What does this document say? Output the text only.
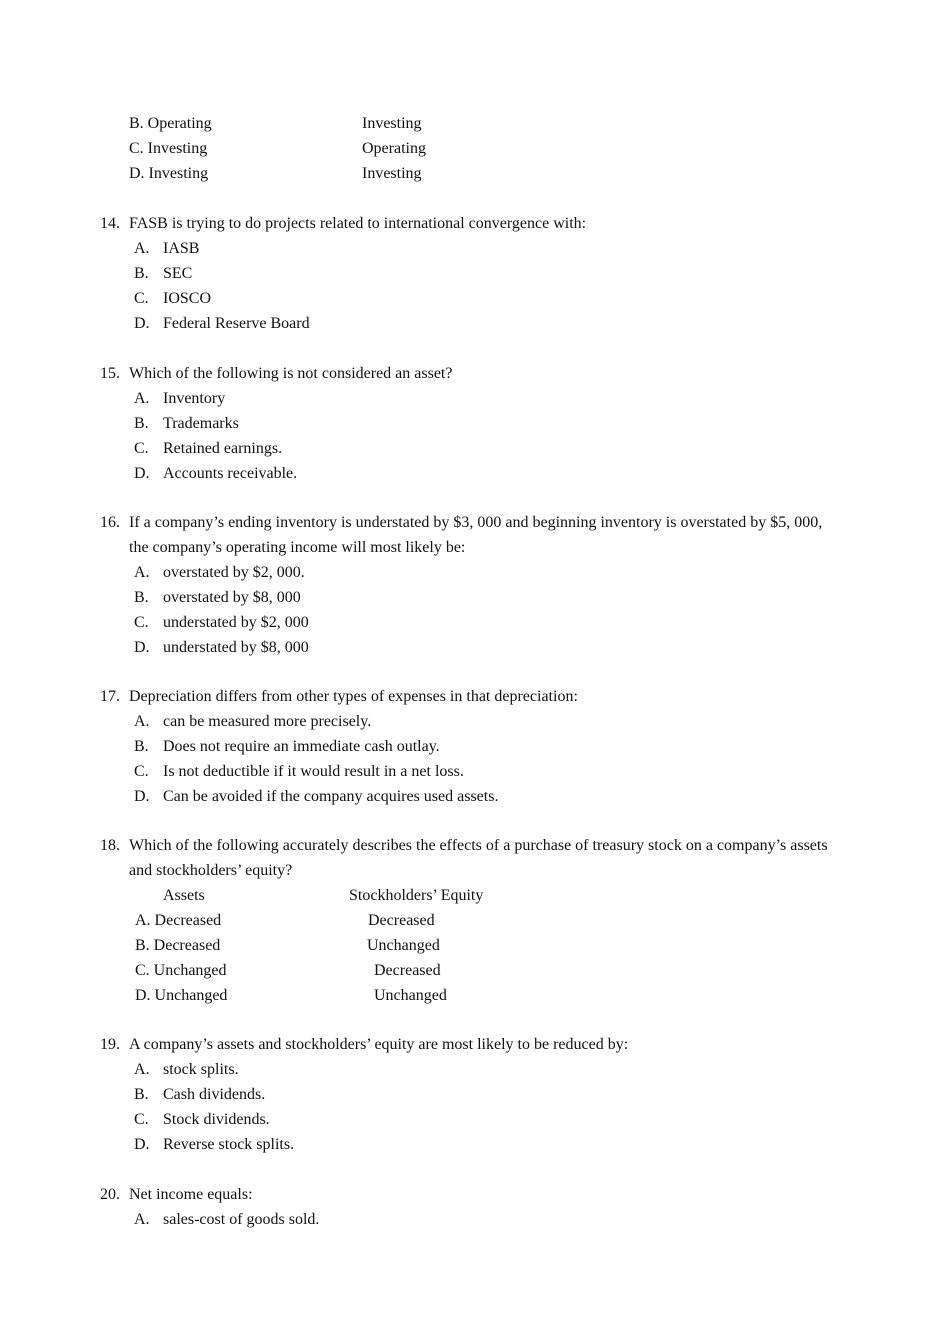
B. Operating	Investing
C. Investing	Operating
D. Investing	Investing
14. FASB is trying to do projects related to international convergence with:
A. IASB
B. SEC
C. IOSCO
D. Federal Reserve Board
15. Which of the following is not considered an asset?
A. Inventory
B. Trademarks
C. Retained earnings.
D. Accounts receivable.
16. If a company’s ending inventory is understated by $3, 000 and beginning inventory is overstated by $5, 000,
the company’s operating income will most likely be:
A. overstated by $2, 000.
B. overstated by $8, 000
C. understated by $2, 000
D. understated by $8, 000
17. Depreciation differs from other types of expenses in that depreciation:
A. can be measured more precisely.
B. Does not require an immediate cash outlay.
C. Is not deductible if it would result in a net loss.
D. Can be avoided if the company acquires used assets.
18. Which of the following accurately describes the effects of a purchase of treasury stock on a company’s assets
and stockholders’ equity?
Assets	Stockholders’ Equity
A. Decreased	Decreased
B. Decreased	Unchanged
C. Unchanged	Decreased
D. Unchanged	Unchanged
19. A company’s assets and stockholders’ equity are most likely to be reduced by:
A. stock splits.
B. Cash dividends.
C. Stock dividends.
D. Reverse stock splits.
20. Net income equals:
A. sales-cost of goods sold.
